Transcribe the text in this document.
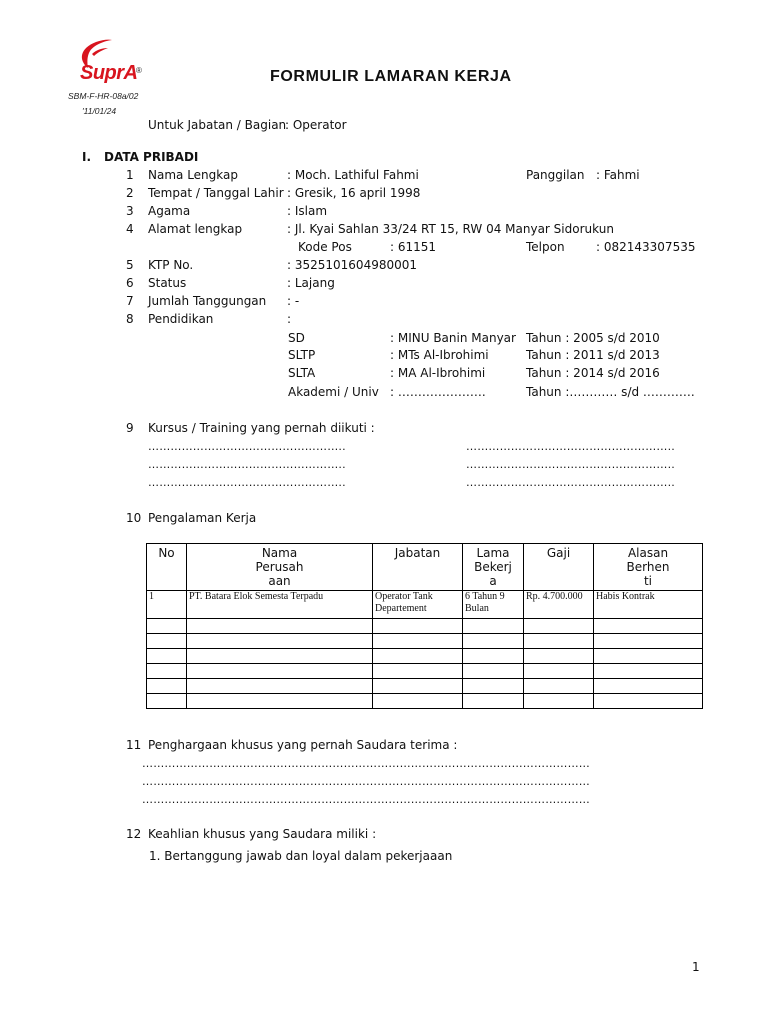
SuprA
®
SBM-F-HR-08a/02
'11/01/24
FORMULIR LAMARAN KERJA
Untuk Jabatan / Bagian
: Operator
I. DATA PRIBADI
1 Nama Lengkap	: Moch. Lathiful Fahmi	Panggilan : Fahmi
2 Tempat / Tanggal Lahir : Gresik, 16 april 1998
3 Agama	: Islam
4 Alamat lengkap	: Jl. Kyai Sahlan 33/24 RT 15, RW 04 Manyar Sidorukun
Kode Pos	: 61151	Telpon	: 082143307535
5 KTP No.	: 3525101604980001
6 Status	: Lajang
7 Jumlah Tanggungan : -
8 Pendidikan	:
SD	: MINU Banin Manyar Tahun : 2005 s/d 2010
SLTP	: MTs Al-Ibrohimi	Tahun : 2011 s/d 2013
SLTA	: MA Al-Ibrohimi	Tahun : 2014 s/d 2016
Akademi / Univ : ………………….	Tahun :………… s/d ………….
9 Kursus / Training yang pernah diikuti :
……………………………………………..
……………………………………………..
……………………………………………..
………………………………………………..
………………………………………………..
………………………………………………..
10 Pengalaman Kerja
No	Nama
Perusah
aan	Jabatan	Lama
Bekerj
a	Gaji	Alasan
Berhen
ti
1	PT. Batara Elok Semesta Terpadu	Operator Tank Departement	6 Tahun 9 Bulan	Rp. 4.700.000	Habis Kontrak

11 Penghargaan khusus yang pernah Saudara terima :
…………………………………………………………………………………………………………
…………………………………………………………………………………………………………
…………………………………………………………………………………………………………
12 Keahlian khusus yang Saudara miliki :
1. Bertanggung jawab dan loyal dalam pekerjaaan
1
